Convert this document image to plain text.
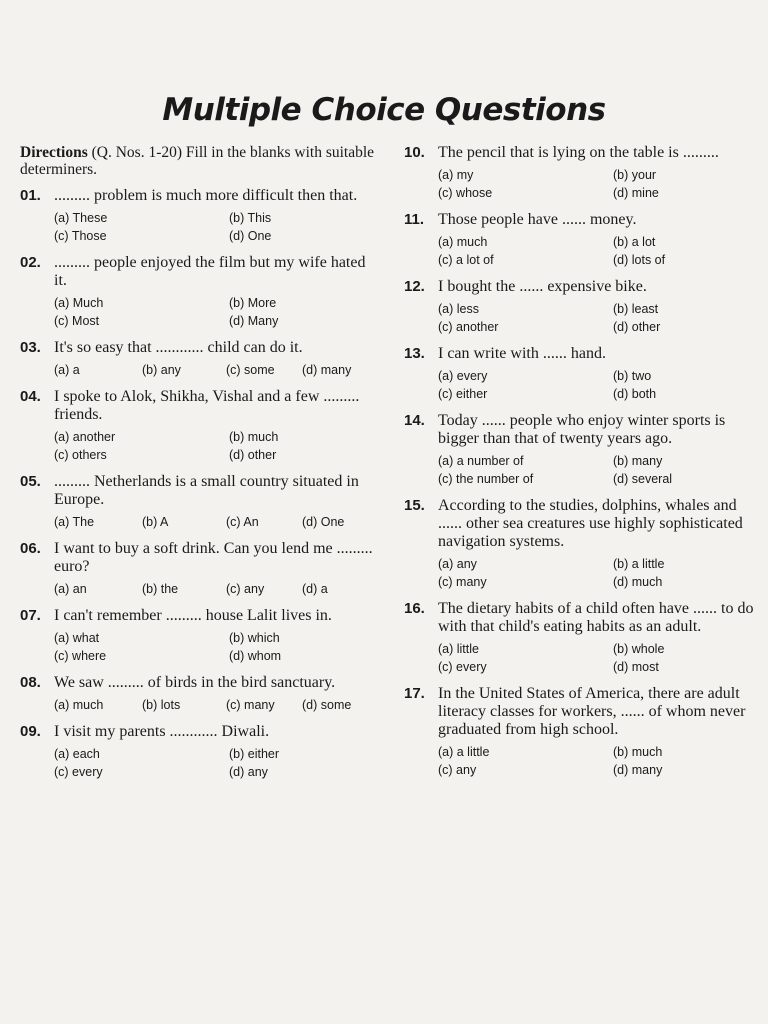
Multiple Choice Questions
Directions (Q. Nos. 1-20) Fill in the blanks with suitable determiners.
01. ......... problem is much more difficult then that.
(a) These	(b) This
(c) Those	(d) One
02. ......... people enjoyed the film but my wife hated it.
(a) Much	(b) More
(c) Most	(d) Many
03. It's so easy that ............ child can do it.
(a) a	(b) any	(c) some	(d) many
04. I spoke to Alok, Shikha, Vishal and a few ......... friends.
(a) another	(b) much
(c) others	(d) other
05. ......... Netherlands is a small country situated in Europe.
(a) The	(b) A	(c) An	(d) One
06. I want to buy a soft drink. Can you lend me ......... euro?
(a) an	(b) the	(c) any	(d) a
07. I can't remember ......... house Lalit lives in.
(a) what	(b) which
(c) where	(d) whom
08. We saw ......... of birds in the bird sanctuary.
(a) much	(b) lots	(c) many	(d) some
09. I visit my parents ............ Diwali.
(a) each	(b) either
(c) every	(d) any
10. The pencil that is lying on the table is .........
(a) my	(b) your
(c) whose	(d) mine
11. Those people have ...... money.
(a) much	(b) a lot
(c) a lot of	(d) lots of
12. I bought the ...... expensive bike.
(a) less	(b) least
(c) another	(d) other
13. I can write with ...... hand.
(a) every	(b) two
(c) either	(d) both
14. Today ...... people who enjoy winter sports is bigger than that of twenty years ago.
(a) a number of	(b) many
(c) the number of	(d) several
15. According to the studies, dolphins, whales and ...... other sea creatures use highly sophisticated navigation systems.
(a) any	(b) a little
(c) many	(d) much
16. The dietary habits of a child often have ...... to do with that child's eating habits as an adult.
(a) little	(b) whole
(c) every	(d) most
17. In the United States of America, there are adult literacy classes for workers, ...... of whom never graduated from high school.
(a) a little	(b) much
(c) any	(d) many
